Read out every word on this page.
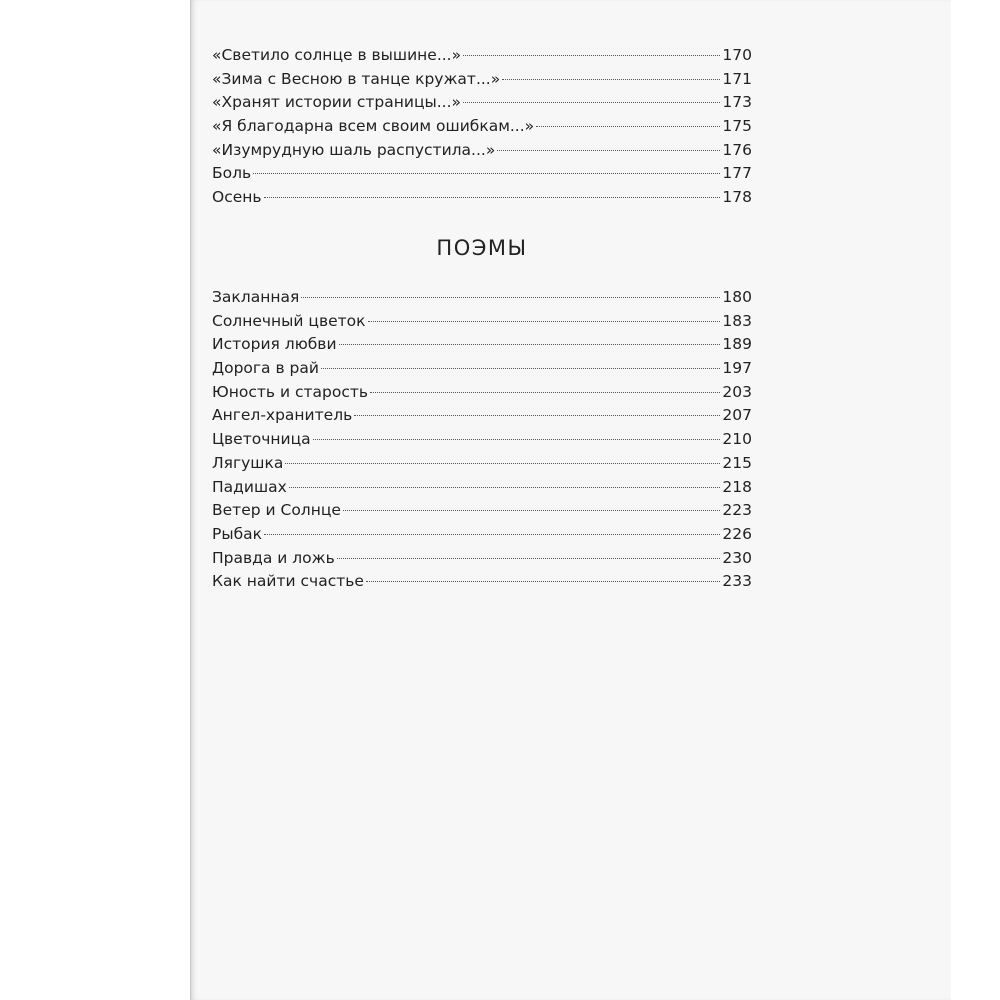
«Светило солнце в вышине...»	170
«Зима с Весною в танце кружат...»	171
«Хранят истории страницы...»	173
«Я благодарна всем своим ошибкам...»	175
«Изумрудную шаль распустила...»	176
Боль	177
Осень	178
ПОЭМЫ
Закланная	180
Солнечный цветок	183
История любви	189
Дорога в рай	197
Юность и старость	203
Ангел-хранитель	207
Цветочница	210
Лягушка	215
Падишах	218
Ветер и Солнце	223
Рыбак	226
Правда и ложь	230
Как найти счастье	233
